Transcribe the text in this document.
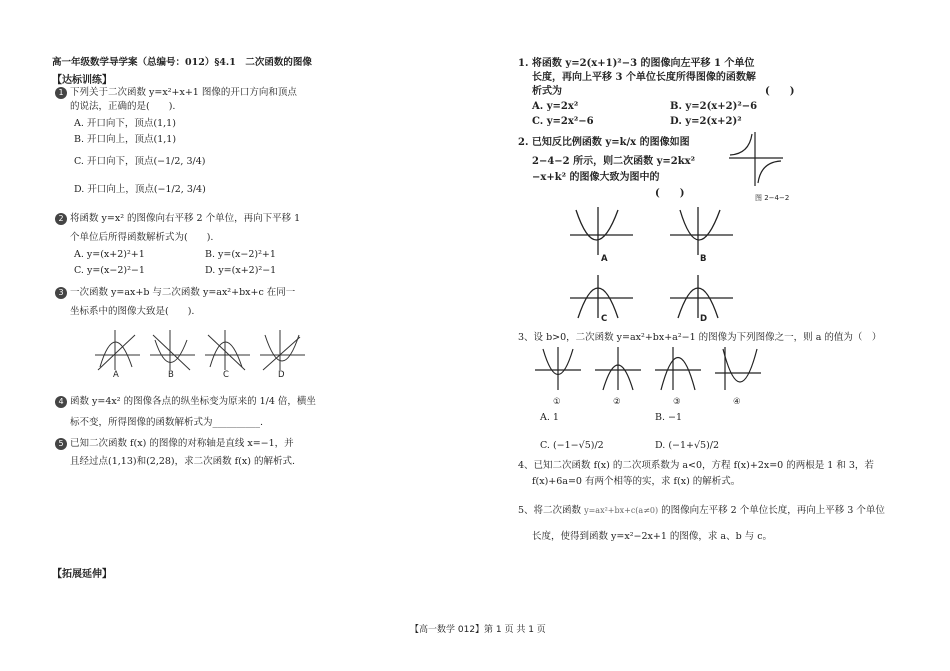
高一年级数学导学案（总编号：012）§4.1　二次函数的图像
【达标训练】
1 下列关于二次函数 y=x²+x+1 图像的开口方向和顶点
的说法，正确的是(　　).
A. 开口向下，顶点(1,1)
B. 开口向上，顶点(1,1)
C. 开口向下，顶点(−1/2, 3/4)
D. 开口向上，顶点(−1/2, 3/4)
2 将函数 y=x² 的图像向右平移 2 个单位，再向下平移 1
个单位后所得函数解析式为(　　).
A. y=(x+2)²+1	B. y=(x−2)²+1
C. y=(x−2)²−1	D. y=(x+2)²−1
3 一次函数 y=ax+b 与二次函数 y=ax²+bx+c 在同一
坐标系中的图像大致是(　　).
A	B	C	D
4 函数 y=4x² 的图像各点的纵坐标变为原来的 1/4 倍，横坐
标不变，所得图像的函数解析式为__________.
5 已知二次函数 f(x) 的图像的对称轴是直线 x=−1，并
且经过点(1,13)和(2,28)，求二次函数 f(x) 的解析式.
【拓展延伸】
1. 将函数 y=2(x+1)²−3 的图像向左平移 1 个单位
长度，再向上平移 3 个单位长度所得图像的函数解
析式为	(　　)
A. y=2x²	B. y=2(x+2)²−6
C. y=2x²−6	D. y=2(x+2)²
2. 已知反比例函数 y=k/x 的图像如图
2−4−2 所示，则二次函数 y=2kx²
−x+k² 的图像大致为图中的
(　　)	图 2−4−2
A	B
C	D
3、设 b>0，二次函数 y=ax²+bx+a²−1 的图像为下列图像之一，则 a 的值为（　）
①	②	③	④
A. 1	B. −1
C. (−1−√5)/2	D. (−1+√5)/2
4、已知二次函数 f(x) 的二次项系数为 a<0，方程 f(x)+2x=0 的两根是 1 和 3，若
f(x)+6a=0 有两个相等的实，求 f(x) 的解析式。
5、将二次函数 y=ax²+bx+c(a≠0) 的图像向左平移 2 个单位长度，再向上平移 3 个单位
长度，使得到函数 y=x²−2x+1 的图像，求 a、b 与 c。
【高一数学 012】第 1 页 共 1 页
